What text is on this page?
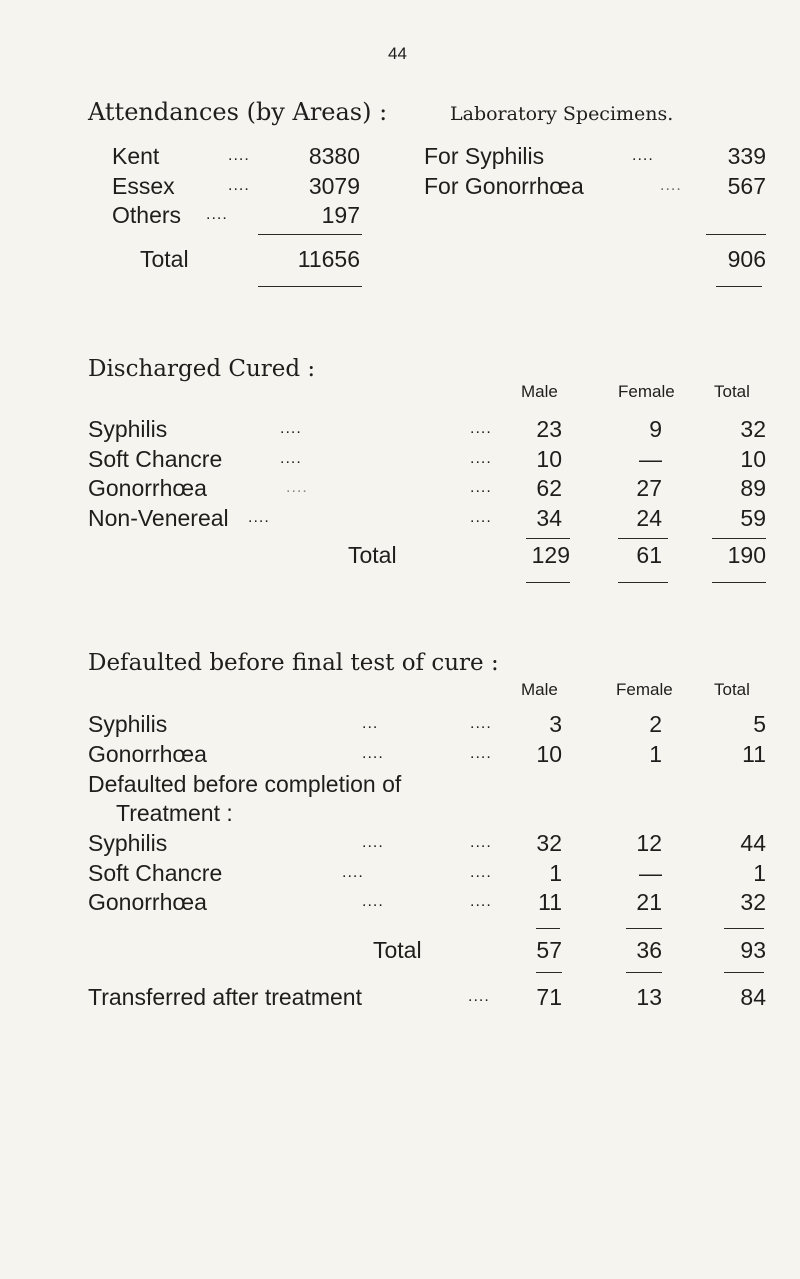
44
Attendances (by Areas) :
Kent	....	8380
Essex	....	3079
Others ....	197
Total	11656
Laboratory Specimens.
For Syphilis	....	339
For Gonorrhœa	....	567
906
Discharged Cured :
Male	Female Total
Syphilis	....	....	23	9	32
Soft Chancre	....	....	10	—	10
Gonorrhœa	....	....	62	27	89
Non-Venereal ....	....	34	24	59
Total	129	61	190
Defaulted before final test of cure :
Male	Female Total
Syphilis	...	....	3	2	5
Gonorrhœa	....	....	10	1	11
Defaulted before completion of
Treatment :
Syphilis	....	....	32	12	44
Soft Chancre	....	....	1	—	1
Gonorrhœa	....	....	11	21	32
Total	57	36	93
Transferred after treatment	....	71	13	84
